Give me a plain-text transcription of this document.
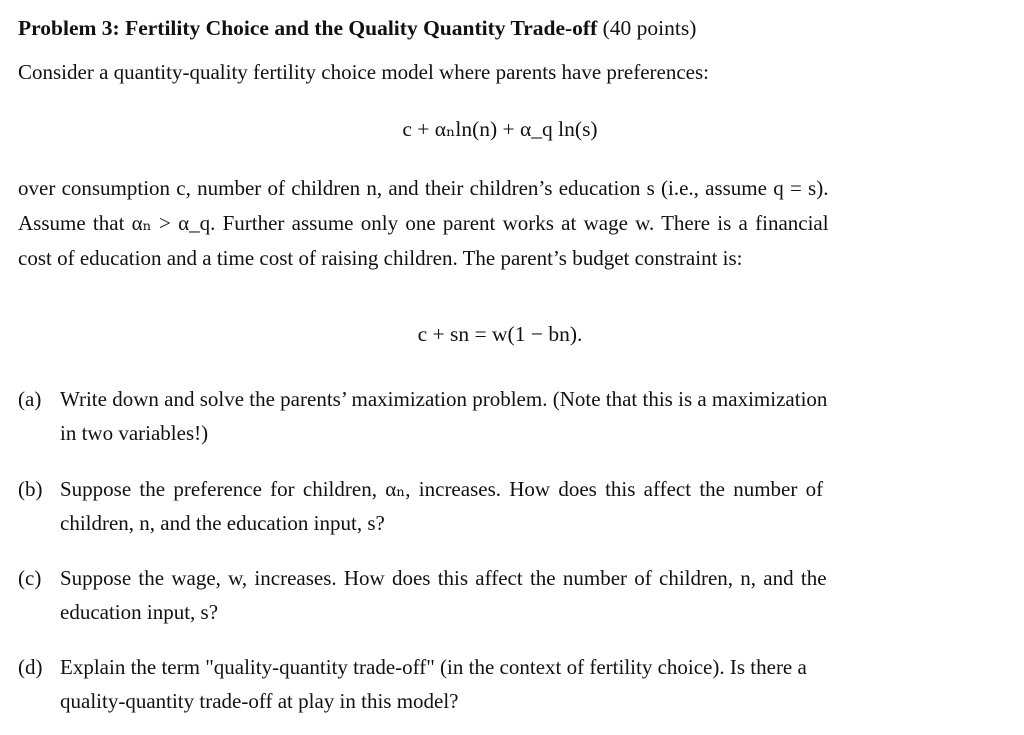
Problem 3: Fertility Choice and the Quality Quantity Trade-off (40 points)
Consider a quantity-quality fertility choice model where parents have preferences:
c + αₙln(n) + α_q ln(s)
over consumption c, number of children n, and their children’s education s (i.e., assume q = s).
Assume that αₙ > α_q. Further assume only one parent works at wage w. There is a financial
cost of education and a time cost of raising children. The parent’s budget constraint is:
c + sn = w(1 − bn).
(a) Write down and solve the parents’ maximization problem. (Note that this is a maximization
in two variables!)
(b) Suppose the preference for children, αₙ, increases. How does this affect the number of
children, n, and the education input, s?
(c) Suppose the wage, w, increases. How does this affect the number of children, n, and the
education input, s?
(d) Explain the term "quality-quantity trade-off" (in the context of fertility choice). Is there a
quality-quantity trade-off at play in this model?
